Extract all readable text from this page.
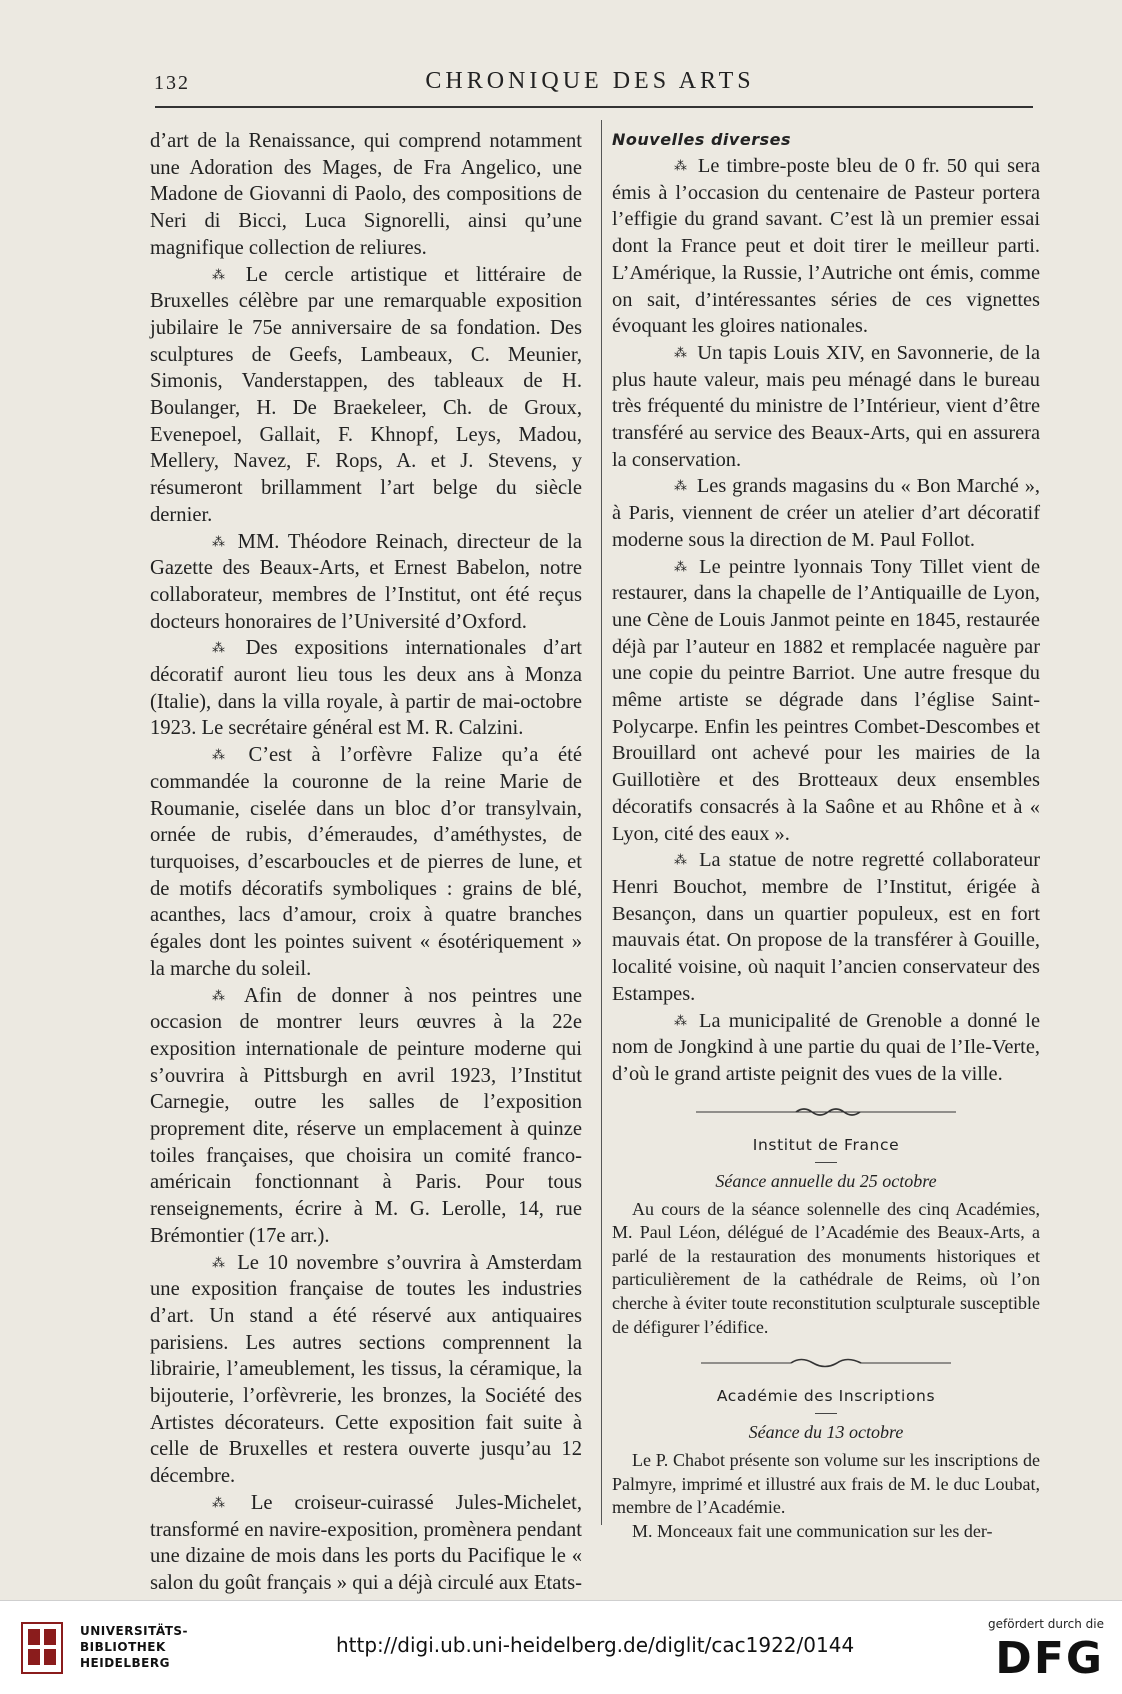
132	CHRONIQUE DES ARTS

d’art de la Renaissance, qui comprend notamment une Adoration des Mages, de Fra Angelico, une Madone de Giovanni di Paolo, des compositions de Neri di Bicci, Luca Signorelli, ainsi qu’une magnifique collection de reliures.

⁂ Le cercle artistique et littéraire de Bruxelles célèbre par une remarquable exposition jubilaire le 75e anniversaire de sa fondation. Des sculptures de Geefs, Lambeaux, C. Meunier, Simonis, Vanderstappen, des tableaux de H. Boulanger, H. De Braekeleer, Ch. de Groux, Evenepoel, Gallait, F. Khnopf, Leys, Madou, Mellery, Navez, F. Rops, A. et J. Stevens, y résumeront brillamment l’art belge du siècle dernier.

⁂ MM. Théodore Reinach, directeur de la Gazette des Beaux-Arts, et Ernest Babelon, notre collaborateur, membres de l’Institut, ont été reçus docteurs honoraires de l’Université d’Oxford.

⁂ Des expositions internationales d’art décoratif auront lieu tous les deux ans à Monza (Italie), dans la villa royale, à partir de mai-octobre 1923. Le secrétaire général est M. R. Calzini.

⁂ C’est à l’orfèvre Falize qu’a été commandée la couronne de la reine Marie de Roumanie, ciselée dans un bloc d’or transylvain, ornée de rubis, d’émeraudes, d’améthystes, de turquoises, d’escarboucles et de pierres de lune, et de motifs décoratifs symboliques : grains de blé, acanthes, lacs d’amour, croix à quatre branches égales dont les pointes suivent « ésotériquement » la marche du soleil.

⁂ Afin de donner à nos peintres une occasion de montrer leurs œuvres à la 22e exposition internationale de peinture moderne qui s’ouvrira à Pittsburgh en avril 1923, l’Institut Carnegie, outre les salles de l’exposition proprement dite, réserve un emplacement à quinze toiles françaises, que choisira un comité franco-américain fonctionnant à Paris. Pour tous renseignements, écrire à M. G. Lerolle, 14, rue Brémontier (17e arr.).

⁂ Le 10 novembre s’ouvrira à Amsterdam une exposition française de toutes les industries d’art. Un stand a été réservé aux antiquaires parisiens. Les autres sections comprennent la librairie, l’ameublement, les tissus, la céramique, la bijouterie, l’orfèvrerie, les bronzes, la Société des Artistes décorateurs. Cette exposition fait suite à celle de Bruxelles et restera ouverte jusqu’au 12 décembre.

⁂ Le croiseur-cuirassé Jules-Michelet, transformé en navire-exposition, promènera pendant une dizaine de mois dans les ports du Pacifique le « salon du goût français » qui a déjà circulé aux Etats-

Nouvelles diverses

⁂ Le timbre-poste bleu de 0 fr. 50 qui sera émis à l’occasion du centenaire de Pasteur portera l’effigie du grand savant. C’est là un premier essai dont la France peut et doit tirer le meilleur parti. L’Amérique, la Russie, l’Autriche ont émis, comme on sait, d’intéressantes séries de ces vignettes évoquant les gloires nationales.

⁂ Un tapis Louis XIV, en Savonnerie, de la plus haute valeur, mais peu ménagé dans le bureau très fréquenté du ministre de l’Intérieur, vient d’être transféré au service des Beaux-Arts, qui en assurera la conservation.

⁂ Les grands magasins du « Bon Marché », à Paris, viennent de créer un atelier d’art décoratif moderne sous la direction de M. Paul Follot.

⁂ Le peintre lyonnais Tony Tillet vient de restaurer, dans la chapelle de l’Antiquaille de Lyon, une Cène de Louis Janmot peinte en 1845, restaurée déjà par l’auteur en 1882 et remplacée naguère par une copie du peintre Barriot. Une autre fresque du même artiste se dégrade dans l’église Saint-Polycarpe. Enfin les peintres Combet-Descombes et Brouillard ont achevé pour les mairies de la Guillotière et des Brotteaux deux ensembles décoratifs consacrés à la Saône et au Rhône et à « Lyon, cité des eaux ».

⁂ La statue de notre regretté collaborateur Henri Bouchot, membre de l’Institut, érigée à Besançon, dans un quartier populeux, est en fort mauvais état. On propose de la transférer à Gouille, localité voisine, où naquit l’ancien conservateur des Estampes.

⁂ La municipalité de Grenoble a donné le nom de Jongkind à une partie du quai de l’Ile-Verte, d’où le grand artiste peignit des vues de la ville.

Institut de France
Séance annuelle du 25 octobre

Au cours de la séance solennelle des cinq Académies, M. Paul Léon, délégué de l’Académie des Beaux-Arts, a parlé de la restauration des monuments historiques et particulièrement de la cathédrale de Reims, où l’on cherche à éviter toute reconstitution sculpturale susceptible de défigurer l’édifice.

Académie des Inscriptions
Séance du 13 octobre

Le P. Chabot présente son volume sur les inscriptions de Palmyre, imprimé et illustré aux frais de M. le duc Loubat, membre de l’Académie.

M. Monceaux fait une communication sur les der-

UNIVERSITÄTS-
BIBLIOTHEK
HEIDELBERG
http://digi.ub.uni-heidelberg.de/diglit/cac1922/0144
gefördert durch die
DFG
